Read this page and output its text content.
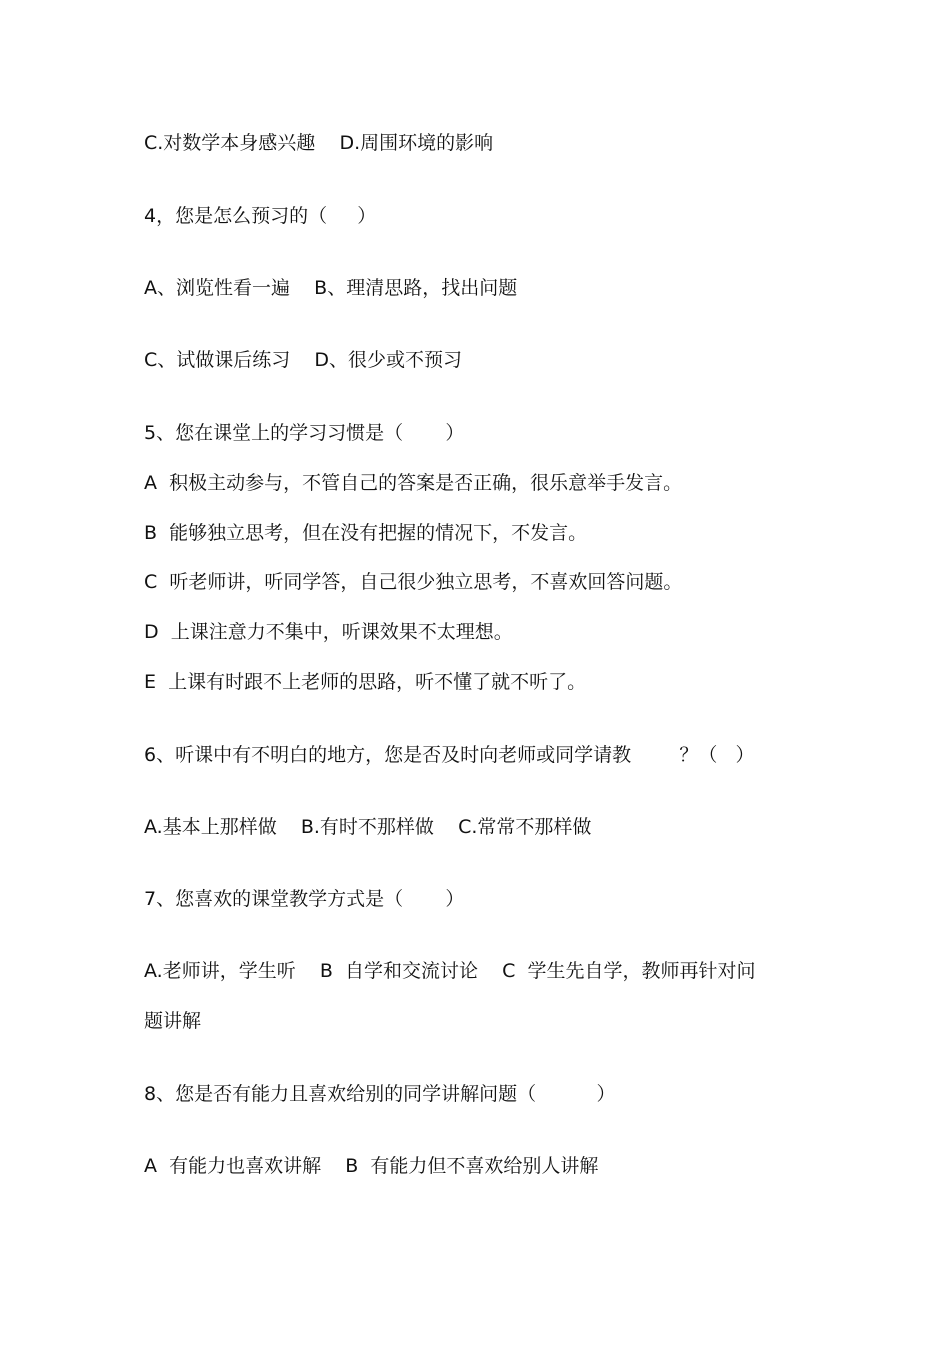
C.对数学本身感兴趣    D.周围环境的影响
4，您是怎么预习的（     ）
A、浏览性看一遍    B、理清思路，找出问题
C、试做课后练习    D、很少或不预习
5、您在课堂上的学习习惯是（       ）
A  积极主动参与，不管自己的答案是否正确，很乐意举手发言。
B  能够独立思考，但在没有把握的情况下，不发言。
C  听老师讲，听同学答，自己很少独立思考，不喜欢回答问题。
D  上课注意力不集中，听课效果不太理想。
E  上课有时跟不上老师的思路，听不懂了就不听了。
6、听课中有不明白的地方，您是否及时向老师或同学请教        ？（   ）
A.基本上那样做    B.有时不那样做    C.常常不那样做
7、您喜欢的课堂教学方式是（       ）
A.老师讲，学生听    B  自学和交流讨论    C  学生先自学，教师再针对问
题讲解
8、您是否有能力且喜欢给别的同学讲解问题（          ）
A  有能力也喜欢讲解    B  有能力但不喜欢给别人讲解
